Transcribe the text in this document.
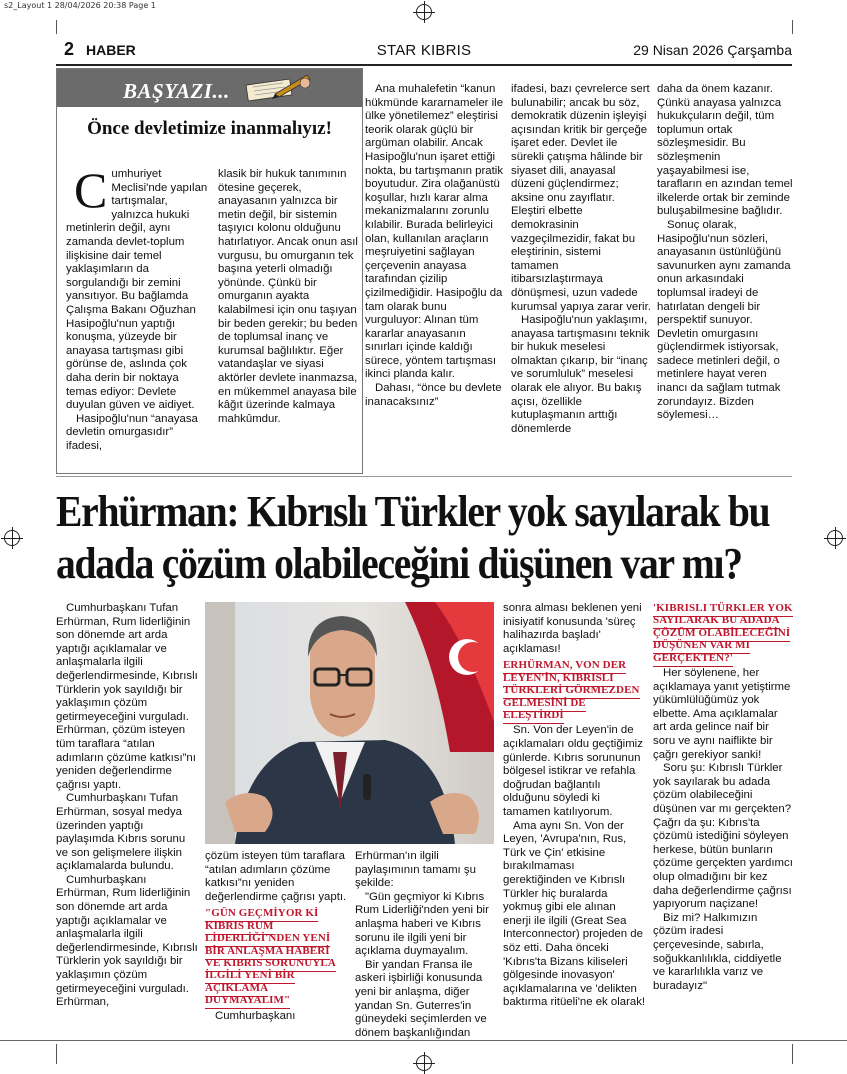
s2_Layout 1 28/04/2026 20:38 Page 1
2 HABER	STAR KIBRIS	29 Nisan 2026 Çarşamba
BAŞYAZI...
Önce devletimize inanmalıyız!
C umhuriyet Meclisi'nde yapılan tartışmalar, yalnızca hukuki metinlerin değil, aynı zamanda devlet-toplum ilişkisine dair temel yaklaşımların da sorgulandığı bir zemini yansıtıyor. Bu bağlamda Çalışma Bakanı Oğuzhan Hasipoğlu'nun yaptığı konuşma, yüzeyde bir anayasa tartışması gibi görünse de, aslında çok daha derin bir noktaya temas ediyor: Devlete duyulan güven ve aidiyet.

Hasipoğlu'nun “anayasa devletin omurgasıdır” ifadesi,

klasik bir hukuk tanımının ötesine geçerek, anayasanın yalnızca bir metin değil, bir sistemin taşıyıcı kolonu olduğunu hatırlatıyor. Ancak onun asıl vurgusu, bu omurganın tek başına yeterli olmadığı yönünde. Çünkü bir omurganın ayakta kalabilmesi için onu taşıyan bir beden gerekir; bu beden de toplumsal inanç ve kurumsal bağlılıktır. Eğer vatandaşlar ve siyasi aktörler devlete inanmazsa, en mükemmel anayasa bile kâğıt üzerinde kalmaya mahkûmdur.

Ana muhalefetin “kanun hükmünde kararnameler ile ülke yönetilemez” eleştirisi teorik olarak güçlü bir argüman olabilir. Ancak Hasipoğlu'nun işaret ettiği nokta, bu tartışmanın pratik boyutudur. Zira olağanüstü koşullar, hızlı karar alma mekanizmalarını zorunlu kılabilir. Burada belirleyici olan, kullanılan araçların meşruiyetini sağlayan çerçevenin anayasa tarafından çizilip çizilmediğidir. Hasipoğlu da tam olarak bunu vurguluyor: Alınan tüm kararlar anayasanın sınırları içinde kaldığı sürece, yöntem tartışması ikinci planda kalır.

Dahası, “önce bu devlete inanacaksınız”

ifadesi, bazı çevrelerce sert bulunabilir; ancak bu söz, demokratik düzenin işleyişi açısından kritik bir gerçeğe işaret eder. Devlet ile sürekli çatışma hâlinde bir siyaset dili, anayasal düzeni güçlendirmez; aksine onu zayıflatır. Eleştiri elbette demokrasinin vazgeçilmezidir, fakat bu eleştirinin, sistemi tamamen itibarsızlaştırmaya dönüşmesi, uzun vadede kurumsal yapıya zarar verir.

Hasipoğlu'nun yaklaşımı, anayasa tartışmasını teknik bir hukuk meselesi olmaktan çıkarıp, bir “inanç ve sorumluluk” meselesi olarak ele alıyor. Bu bakış açısı, özellikle kutuplaşmanın arttığı dönemlerde

daha da önem kazanır. Çünkü anayasa yalnızca hukukçuların değil, tüm toplumun ortak sözleşmesidir. Bu sözleşmenin yaşayabilmesi ise, tarafların en azından temel ilkelerde ortak bir zeminde buluşabilmesine bağlıdır.

Sonuç olarak, Hasipoğlu'nun sözleri, anayasanın üstünlüğünü savunurken aynı zamanda onun arkasındaki toplumsal iradeyi de hatırlatan dengeli bir perspektif sunuyor. Devletin omurgasını güçlendirmek istiyorsak, sadece metinleri değil, o metinlere hayat veren inancı da sağlam tutmak zorundayız. Bizden söylemesi…

Erhürman: Kıbrıslı Türkler yok sayılarak bu
adada çözüm olabileceğini düşünen var mı?

Cumhurbaşkanı Tufan Erhürman, Rum liderliğinin son dönemde art arda yaptığı açıklamalar ve anlaşmalarla ilgili değerlendirmesinde, Kıbrıslı Türklerin yok sayıldığı bir yaklaşımın çözüm getirmeyeceğini vurguladı. Erhürman, çözüm isteyen tüm taraflara “atılan adımların çözüme katkısı”nı yeniden değerlendirme çağrısı yaptı.

Cumhurbaşkanı Tufan Erhürman, sosyal medya üzerinden yaptığı paylaşımda Kıbrıs sorunu ve son gelişmelere ilişkin açıklamalarda bulundu.

Cumhurbaşkanı Erhürman, Rum liderliğinin son dönemde art arda yaptığı açıklamalar ve anlaşmalarla ilgili değerlendirmesinde, Kıbrıslı Türklerin yok sayıldığı bir yaklaşımın çözüm getirmeyeceğini vurguladı. Erhürman,

çözüm isteyen tüm taraflara “atılan adımların çözüme katkısı”nı yeniden değerlendirme çağrısı yaptı.

"GÜN GEÇMİYOR Kİ KIBRIS RUM LİDERLİĞİ'NDEN YENİ BİR ANLAŞMA HABERİ VE KIBRIS SORUNUYLA İLGİLİ YENİ BİR AÇIKLAMA DUYMAYALIM"

Cumhurbaşkanı

Erhürman'ın ilgili paylaşımının tamamı şu şekilde:

"Gün geçmiyor ki Kıbrıs Rum Liderliği'nden yeni bir anlaşma haberi ve Kıbrıs sorunu ile ilgili yeni bir açıklama duymayalım.

Bir yandan Fransa ile askeri işbirliği konusunda yeni bir anlaşma, diğer yandan Sn. Guterres'in güneydeki seçimlerden ve dönem başkanlığından

sonra alması beklenen yeni inisiyatif konusunda 'süreç halihazırda başladı' açıklaması!

ERHÜRMAN, VON DER LEYEN'İN, KIBRISLI TÜRKLERİ GÖRMEZDEN GELMESİNİ DE ELEŞTİRDİ

Sn. Von der Leyen'in de açıklamaları oldu geçtiğimiz günlerde. Kıbrıs sorununun bölgesel istikrar ve refahla doğrudan bağlantılı olduğunu söyledi ki tamamen katılıyorum.

Ama aynı Sn. Von der Leyen, 'Avrupa'nın, Rus, Türk ve Çin' etkisine bırakılmaması gerektiğinden ve Kıbrıslı Türkler hiç buralarda yokmuş gibi ele alınan enerji ile ilgili (Great Sea Interconnector) projeden de söz etti. Daha önceki 'Kıbrıs'ta Bizans kiliseleri gölgesinde inovasyon' açıklamalarına ve 'delikten baktırma ritüeli'ne ek olarak!

'KIBRISLI TÜRKLER YOK SAYILARAK BU ADADA ÇÖZÜM OLABİLECEĞİNİ DÜŞÜNEN VAR MI GERÇEKTEN?'

Her söylenene, her açıklamaya yanıt yetiştirme yükümlülüğümüz yok elbette. Ama açıklamalar art arda gelince naif bir soru ve aynı naiflikte bir çağrı gerekiyor sanki!

Soru şu: Kıbrıslı Türkler yok sayılarak bu adada çözüm olabileceğini düşünen var mı gerçekten? Çağrı da şu: Kıbrıs'ta çözümü istediğini söyleyen herkese, bütün bunların çözüme gerçekten yardımcı olup olmadığını bir kez daha değerlendirme çağrısı yapıyorum naçizane!

Biz mi? Halkımızın çözüm iradesi çerçevesinde, sabırla, soğukkanlılıkla, ciddiyetle ve kararlılıkla varız ve buradayız"
